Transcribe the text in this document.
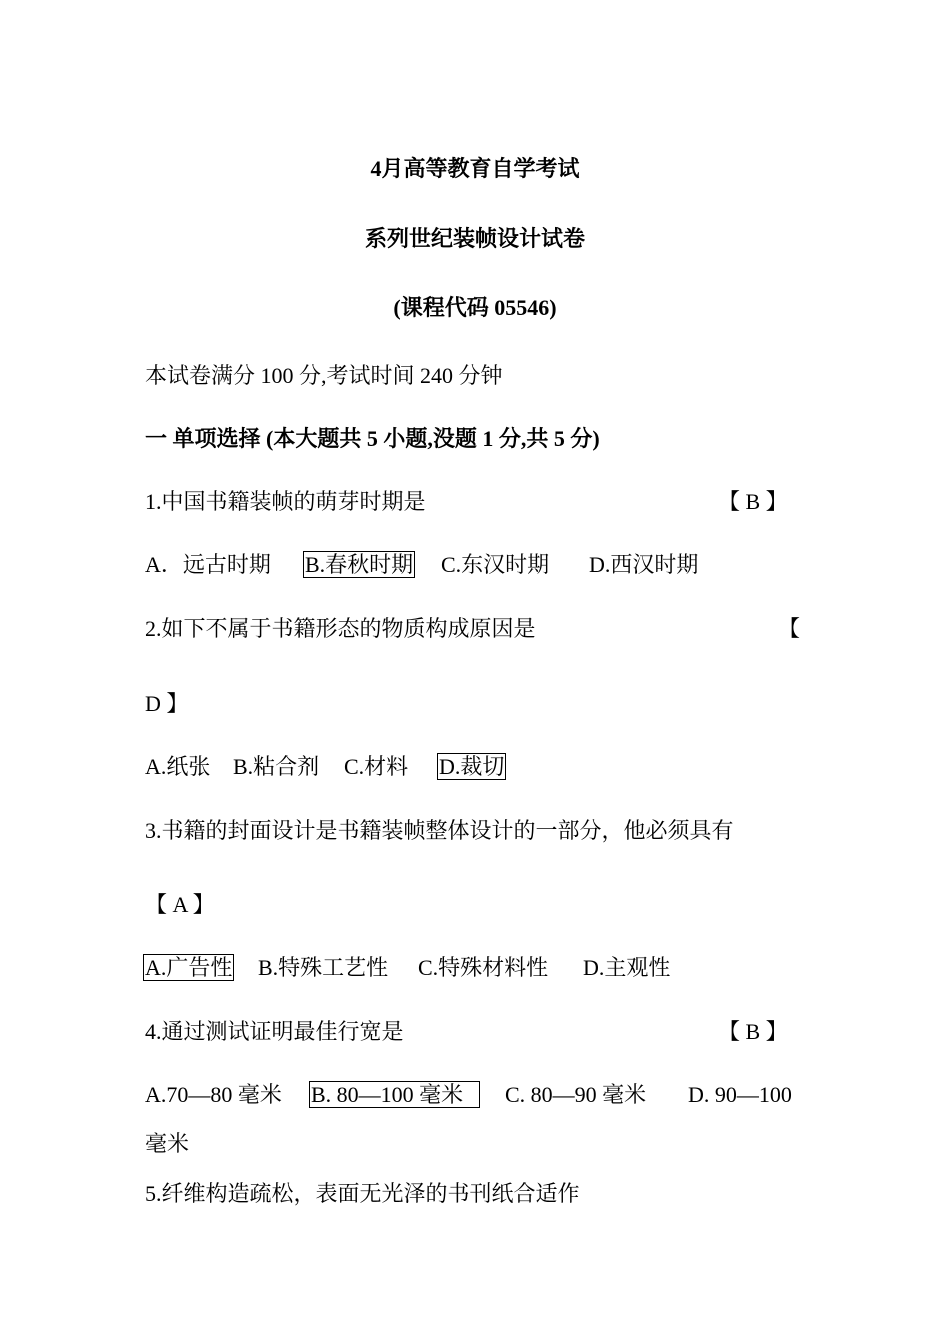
4月高等教育自学考试
系列世纪装帧设计试卷
(课程代码 05546)
本试卷满分 100 分,考试时间 240 分钟
一 单项选择 (本大题共 5 小题,没题 1 分,共 5 分)
1.中国书籍装帧的萌芽时期是	【 B 】
A．远古时期 B.春秋时期 C.东汉时期 D.西汉时期
2.如下不属于书籍形态的物质构成原因是	【
D 】
A.纸张 B.粘合剂 C.材料 D.裁切
3.书籍的封面设计是书籍装帧整体设计的一部分，他必须具有
【 A 】
A.广告性 B.特殊工艺性 C.特殊材料性 D.主观性
4.通过测试证明最佳行宽是	【 B 】
A.70—80 毫米 B. 80—100 毫米	C. 80—90 毫米 D. 90—100
毫米
5.纤维构造疏松，表面无光泽的书刊纸合适作
